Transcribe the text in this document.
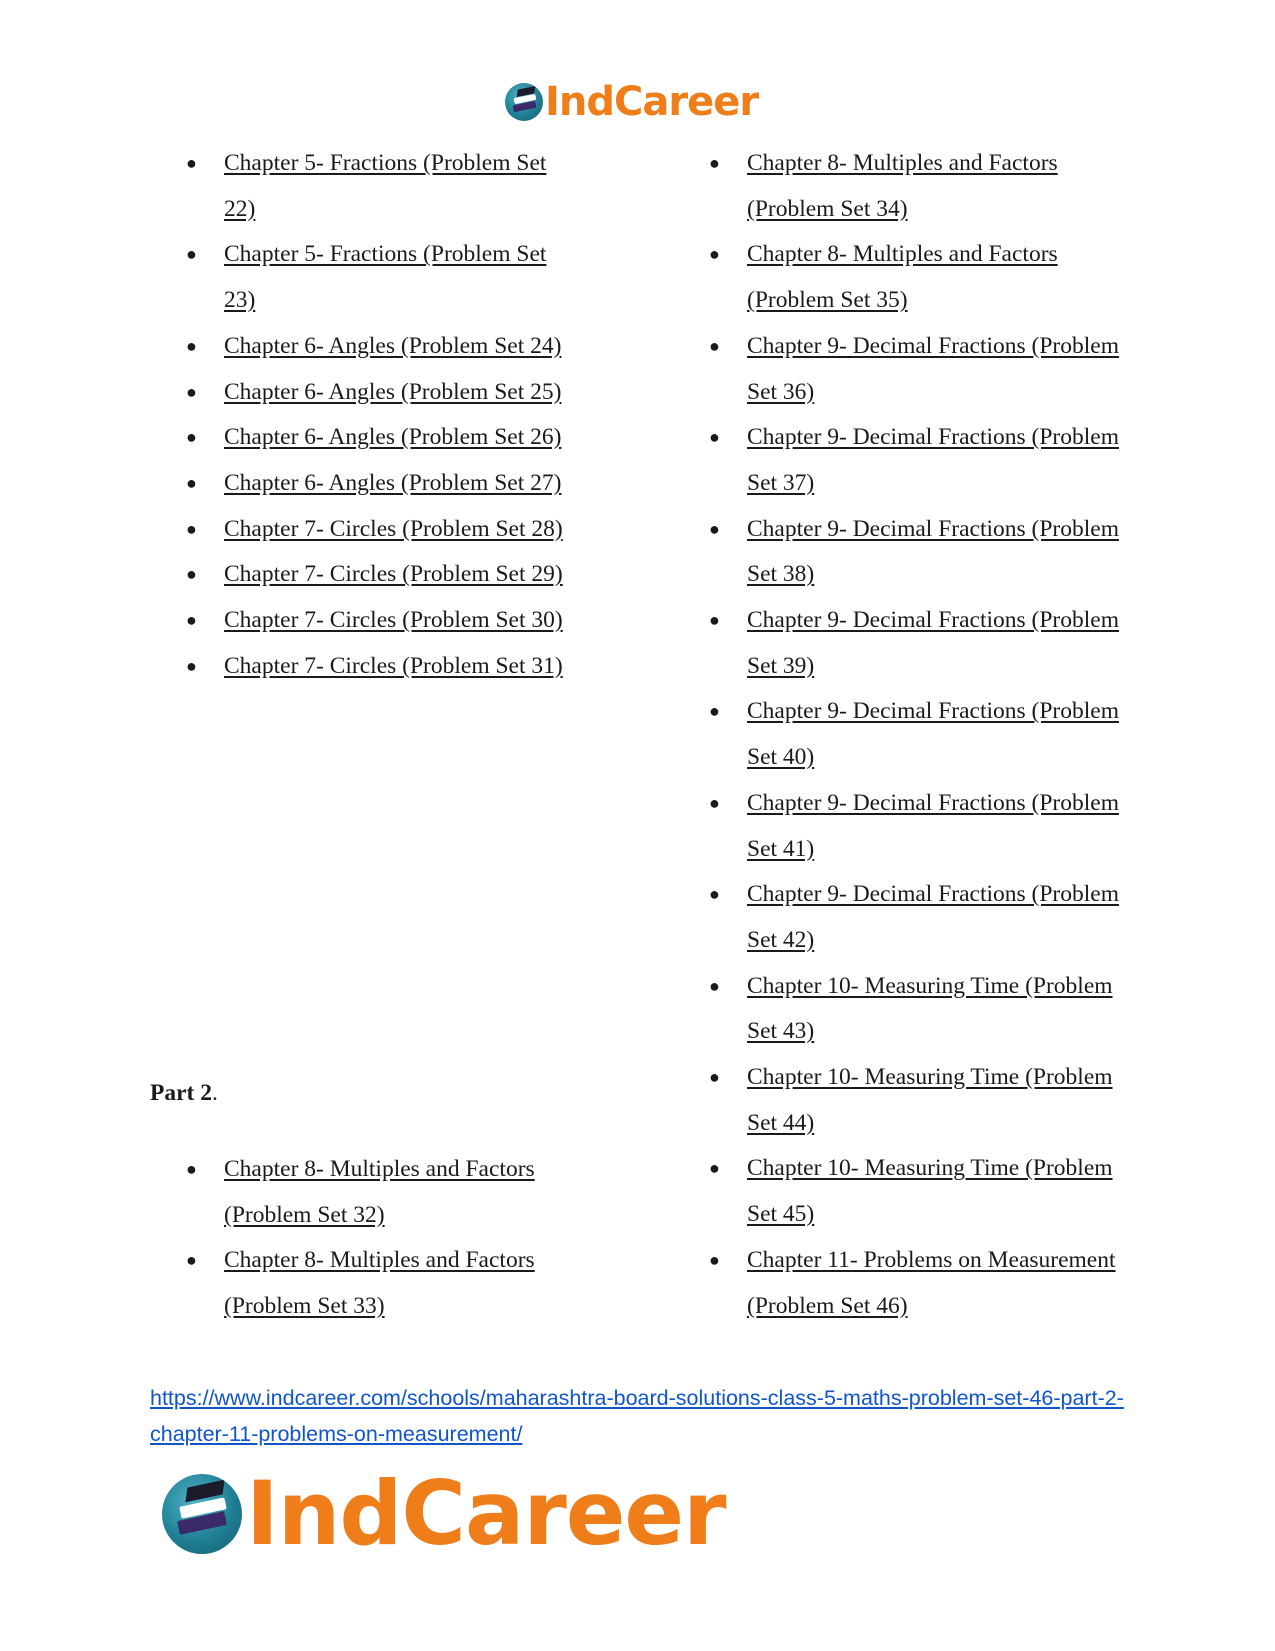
IndCareer
● Chapter 5- Fractions (Problem Set 22)
● Chapter 5- Fractions (Problem Set 23)
● Chapter 6- Angles (Problem Set 24)
● Chapter 6- Angles (Problem Set 25)
● Chapter 6- Angles (Problem Set 26)
● Chapter 6- Angles (Problem Set 27)
● Chapter 7- Circles (Problem Set 28)
● Chapter 7- Circles (Problem Set 29)
● Chapter 7- Circles (Problem Set 30)
● Chapter 7- Circles (Problem Set 31)
Part 2.
● Chapter 8- Multiples and Factors (Problem Set 32)
● Chapter 8- Multiples and Factors (Problem Set 33)
● Chapter 8- Multiples and Factors (Problem Set 34)
● Chapter 8- Multiples and Factors (Problem Set 35)
● Chapter 9- Decimal Fractions (Problem Set 36)
● Chapter 9- Decimal Fractions (Problem Set 37)
● Chapter 9- Decimal Fractions (Problem Set 38)
● Chapter 9- Decimal Fractions (Problem Set 39)
● Chapter 9- Decimal Fractions (Problem Set 40)
● Chapter 9- Decimal Fractions (Problem Set 41)
● Chapter 9- Decimal Fractions (Problem Set 42)
● Chapter 10- Measuring Time (Problem Set 43)
● Chapter 10- Measuring Time (Problem Set 44)
● Chapter 10- Measuring Time (Problem Set 45)
● Chapter 11- Problems on Measurement (Problem Set 46)
https://www.indcareer.com/schools/maharashtra-board-solutions-class-5-maths-problem-set-46-part-2-chapter-11-problems-on-measurement/
IndCareer
